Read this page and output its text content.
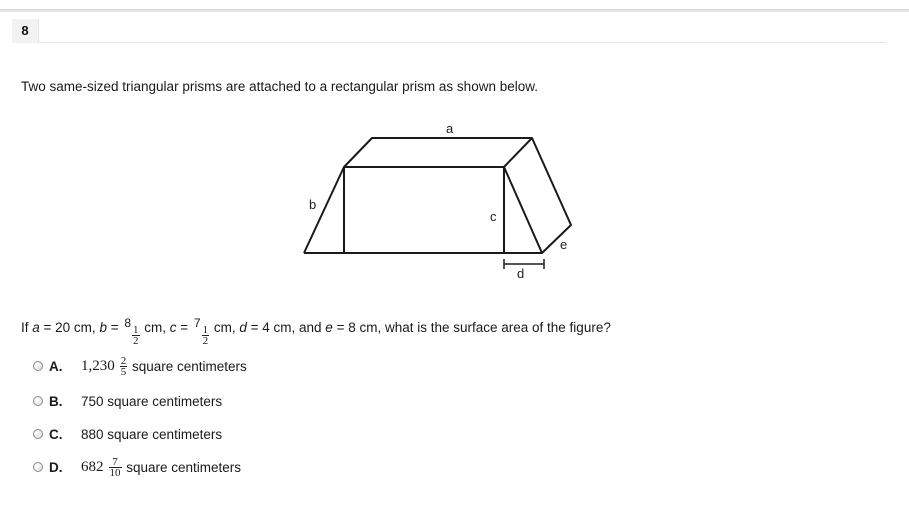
8
Two same-sized triangular prisms are attached to a rectangular prism as shown below.
a
b
c
d
e
If a = 20 cm, b = 8
$\frac{1}{2}$ cm, c = 7
$\frac{1}{2}$ cm, d = 4 cm, and e = 8 cm, what is the surface area of the figure?
A.	$1,230 \frac{2}{5}$ square centimeters
B.	750 square centimeters
C.	880 square centimeters
D.	$682 \frac{7}{10}$ square centimeters
